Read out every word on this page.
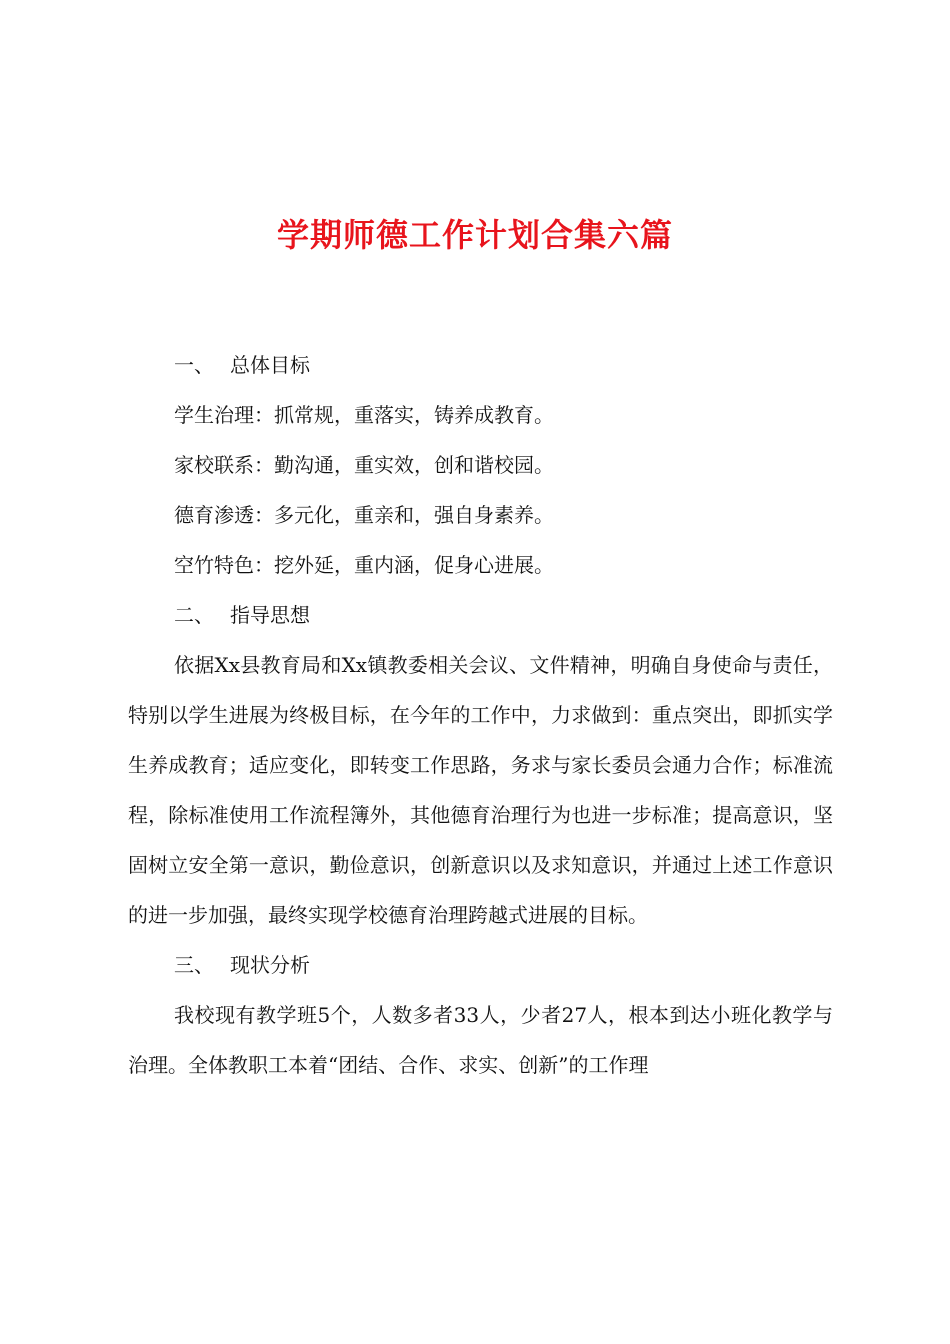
学期师德工作计划合集六篇

一、 总体目标

学生治理：抓常规，重落实，铸养成教育。

家校联系：勤沟通，重实效，创和谐校园。

德育渗透：多元化，重亲和，强自身素养。

空竹特色：挖外延，重内涵，促身心进展。

二、 指导思想

依据Xx县教育局和Xx镇教委相关会议、文件精神，明确自身使命与责任，特别以学生进展为终极目标，在今年的工作中，力求做到：重点突出，即抓实学生养成教育；适应变化，即转变工作思路，务求与家长委员会通力合作；标准流程，除标准使用工作流程簿外，其他德育治理行为也进一步标准；提高意识，坚固树立安全第一意识，勤俭意识，创新意识以及求知意识，并通过上述工作意识的进一步加强，最终实现学校德育治理跨越式进展的目标。

三、 现状分析

我校现有教学班5个，人数多者33人，少者27人，根本到达小班化教学与治理。全体教职工本着“团结、合作、求实、创新”的工作理
